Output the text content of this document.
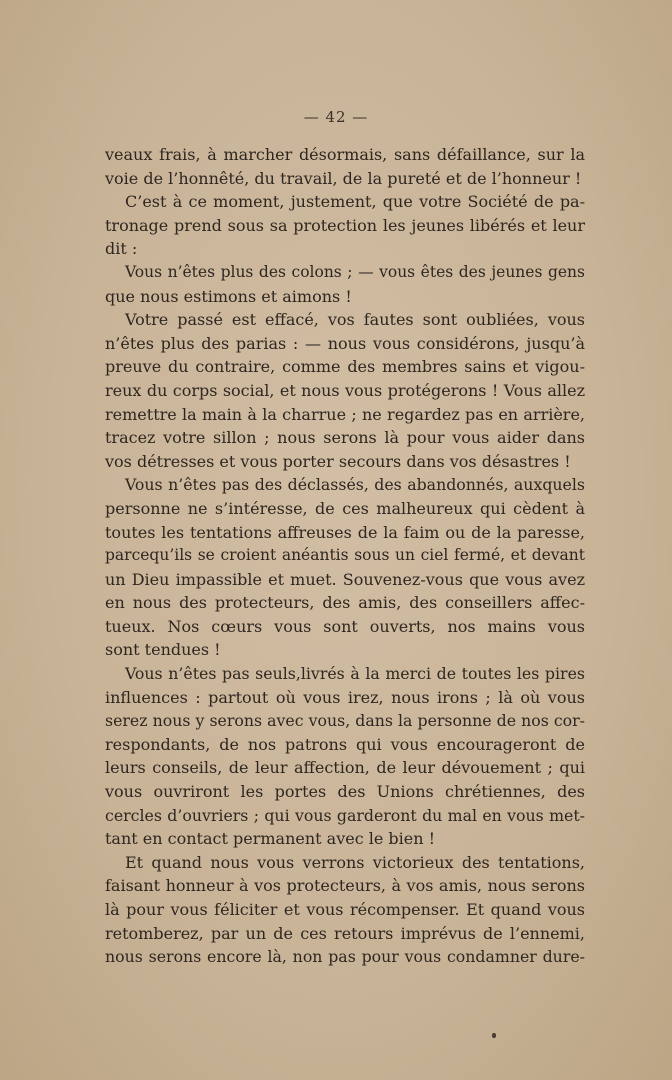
— 42 —
veaux frais, à marcher désormais, sans défaillance, sur la
voie de l’honnêté, du travail, de la pureté et de l’honneur !
C’est à ce moment, justement, que votre Société de pa-
tronage prend sous sa protection les jeunes libérés et leur
dit :
Vous n’êtes plus des colons ; — vous êtes des jeunes gens
que nous estimons et aimons !
Votre passé est effacé, vos fautes sont oubliées, vous
n’êtes plus des parias : — nous vous considérons, jusqu’à
preuve du contraire, comme des membres sains et vigou-
reux du corps social, et nous vous protégerons ! Vous allez
remettre la main à la charrue ; ne regardez pas en arrière,
tracez votre sillon ; nous serons là pour vous aider dans
vos détresses et vous porter secours dans vos désastres !
Vous n’êtes pas des déclassés, des abandonnés, auxquels
personne ne s’intéresse, de ces malheureux qui cèdent à
toutes les tentations affreuses de la faim ou de la paresse,
parcequ’ils se croient anéantis sous un ciel fermé, et devant
un Dieu impassible et muet. Souvenez-vous que vous avez
en nous des protecteurs, des amis, des conseillers affec-
tueux. Nos cœurs vous sont ouverts, nos mains vous
sont tendues !
Vous n’êtes pas seuls,livrés à la merci de toutes les pires
influences : partout où vous irez, nous irons ; là où vous
serez nous y serons avec vous, dans la personne de nos cor-
respondants, de nos patrons qui vous encourageront de
leurs conseils, de leur affection, de leur dévouement ; qui
vous ouvriront les portes des Unions chrétiennes, des
cercles d’ouvriers ; qui vous garderont du mal en vous met-
tant en contact permanent avec le bien !
Et quand nous vous verrons victorieux des tentations,
faisant honneur à vos protecteurs, à vos amis, nous serons
là pour vous féliciter et vous récompenser. Et quand vous
retomberez, par un de ces retours imprévus de l’ennemi,
nous serons encore là, non pas pour vous condamner dure-
